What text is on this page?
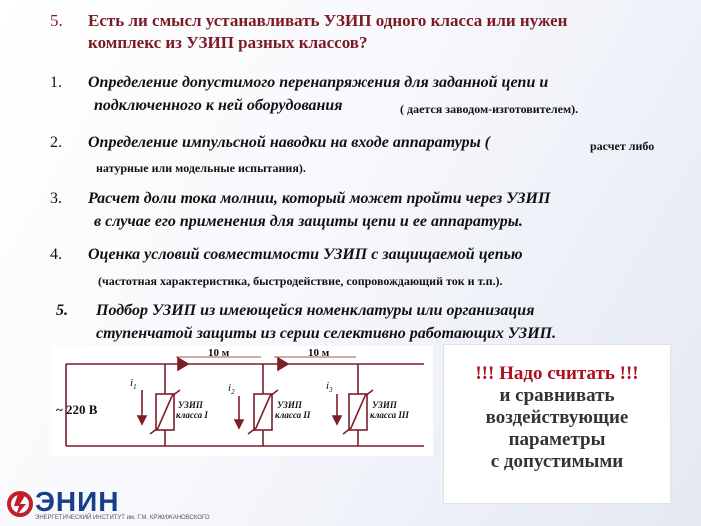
5. Есть ли смысл устанавливать УЗИП одного класса или нужен
комплекс из УЗИП разных классов?
1. Определение допустимого перенапряжения для заданной цепи и
подключенного к ней оборудования	( дается заводом-изготовителем).
2. Определение импульсной наводки на входе аппаратуры (	расчет либо
натурные или модельные испытания).
3. Расчет доли тока молнии, который может пройти через УЗИП
в случае его применения для защиты цепи и ее аппаратуры.
4. Оценка условий совместимости УЗИП с защищаемой цепью
(частотная характеристика, быстродействие, сопровождающий ток и т.п.).
5. Подбор УЗИП из имеющейся номенклатуры или организация
ступенчатой защиты из серии селективно работающих УЗИП.
10 м	10 м
~ 220 В
$i_1$	$i_2$	$i_3$
УЗИП
класса I
УЗИП
класса II
УЗИП
класса III

!!! Надо считать !!!

и сравнивать

воздействующие

параметры

с допустимыми

ЭНИН
ЭНЕРГЕТИЧЕСКИЙ ИНСТИТУТ им. Г.М. КРЖИЖАНОВСКОГО
